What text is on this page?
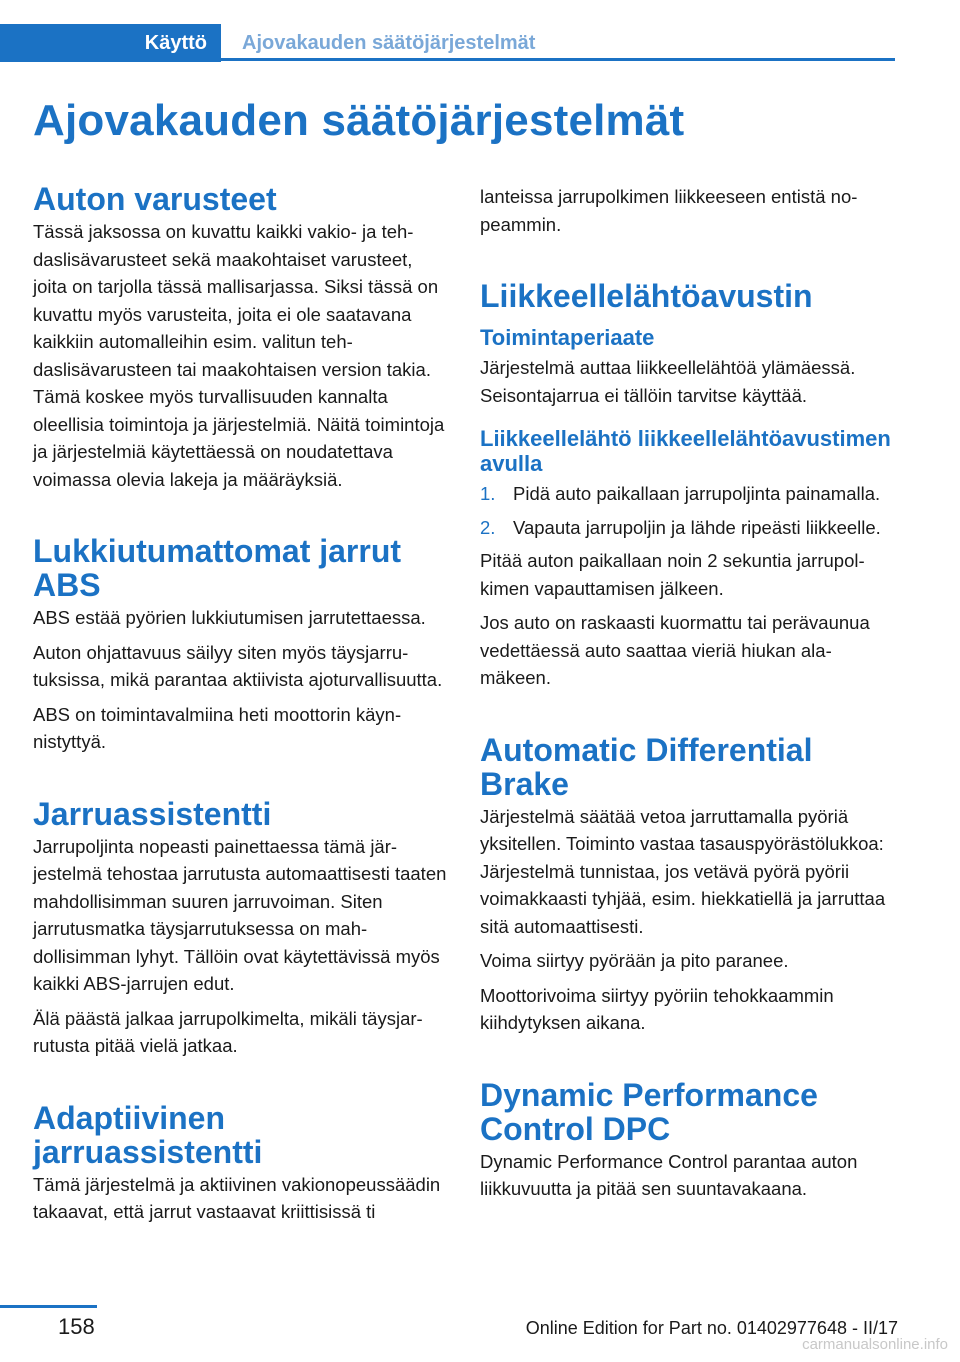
Käyttö	Ajovakauden säätöjärjestelmät
Ajovakauden säätöjärjestelmät
Auton varusteet

Tässä jaksossa on kuvattu kaikki vakio- ja tehdaslisävarusteet sekä maakohtaiset varusteet, joita on tarjolla tässä mallisarjassa. Siksi tässä on kuvattu myös varusteita, joita ei ole saatavana kaikkiin automalleihin esim. valitun tehdaslisävarusteen tai maakohtaisen version takia. Tämä koskee myös turvallisuuden kannalta oleellisia toimintoja ja järjestelmiä. Näitä toimintoja ja järjestelmiä käytettäessä on noudatettava voimassa olevia lakeja ja määräyksiä.

Lukkiutumattomat jarrut ABS

ABS estää pyörien lukkiutumisen jarrutettaessa.

Auton ohjattavuus säilyy siten myös täysjarrutuksissa, mikä parantaa aktiivista ajoturvallisuutta.

ABS on toimintavalmiina heti moottorin käynnistyttyä.

Jarruassistentti

Jarrupoljinta nopeasti painettaessa tämä järjestelmä tehostaa jarrutusta automaattisesti taaten mahdollisimman suuren jarruvoiman. Siten jarrutusmatka täysjarrutuksessa on mahdollisimman lyhyt. Tällöin ovat käytettävissä myös kaikki ABS-jarrujen edut.

Älä päästä jalkaa jarrupolkimelta, mikäli täysjarrutusta pitää vielä jatkaa.

Adaptiivinen jarruassistentti

Tämä järjestelmä ja aktiivinen vakionopeussäädin takaavat, että jarrut vastaavat kriittisissä ti

lanteissa jarrupolkimen liikkeeseen entistä nopeammin.

Liikkeellelähtöavustin
Toimintaperiaate

Järjestelmä auttaa liikkeellelähtöä ylämäessä. Seisontajarrua ei tällöin tarvitse käyttää.

Liikkeellelähtö liikkeellelähtöavustimen avulla
1. Pidä auto paikallaan jarrupoljinta painamalla.
2. Vapauta jarrupoljin ja lähde ripeästi liikkeelle.

Pitää auton paikallaan noin 2 sekuntia jarrupolkimen vapauttamisen jälkeen.

Jos auto on raskaasti kuormattu tai perävaunua vedettäessä auto saattaa vieriä hiukan alamäkeen.

Automatic Differential Brake

Järjestelmä säätää vetoa jarruttamalla pyöriä yksitellen. Toiminto vastaa tasauspyörästölukkoa: Järjestelmä tunnistaa, jos vetävä pyörä pyörii voimakkaasti tyhjää, esim. hiekkatiellä ja jarruttaa sitä automaattisesti.

Voima siirtyy pyörään ja pito paranee.

Moottorivoima siirtyy pyöriin tehokkaammin kiihdytyksen aikana.

Dynamic Performance Control DPC

Dynamic Performance Control parantaa auton liikkuvuutta ja pitää sen suuntavakaana.

158	Online Edition for Part no. 01402977648 - II/17
carmanualsonline.info
